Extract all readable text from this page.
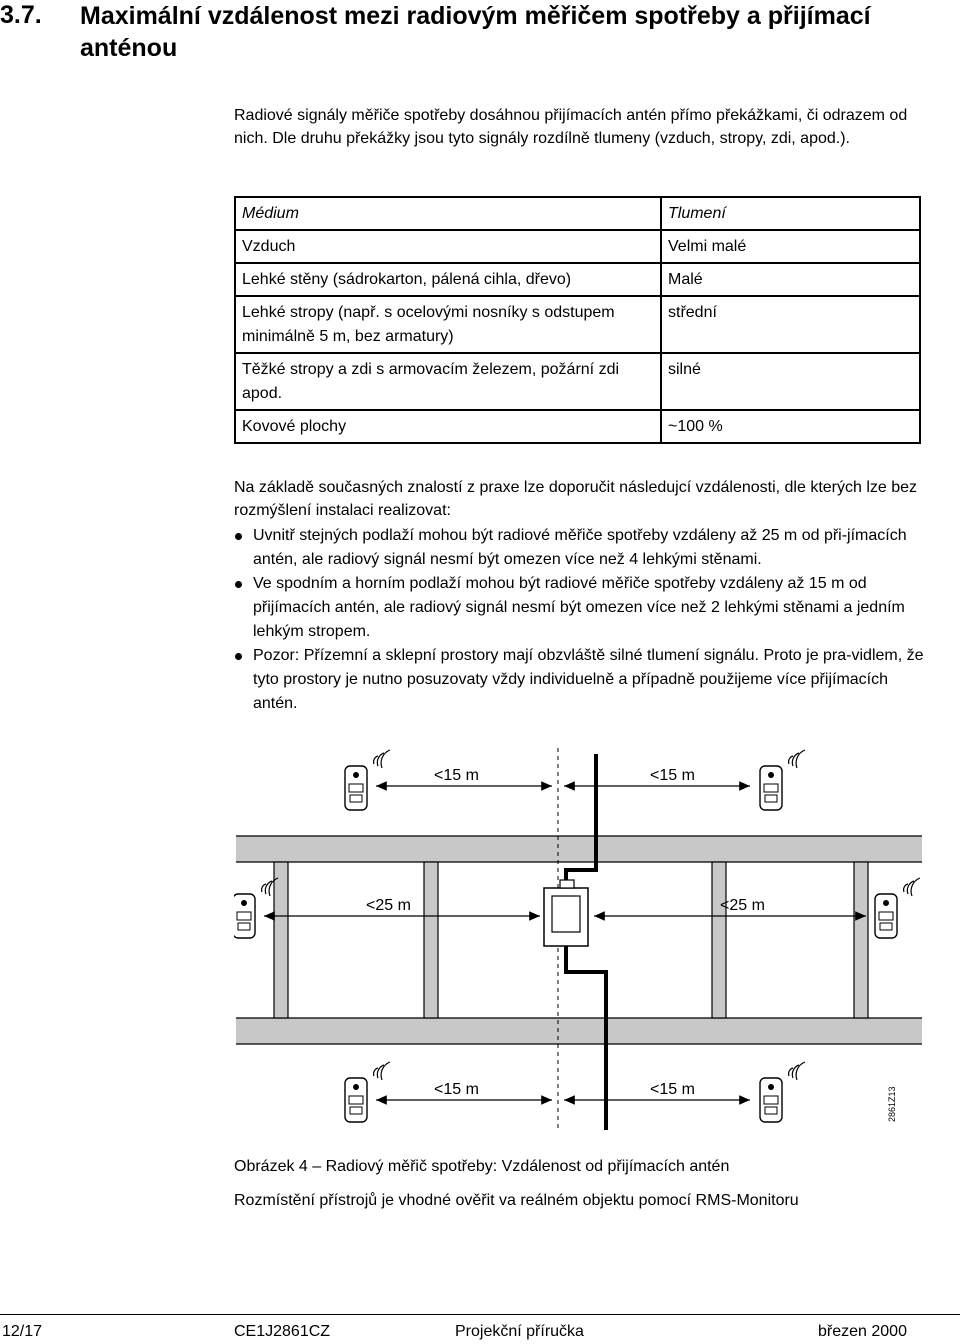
3.7. Maximální vzdálenost mezi radiovým měřičem spotřeby a přijímací anténou
Radiové signály měřiče spotřeby dosáhnou přijímacích antén přímo překážkami, či odrazem od nich. Dle druhu překážky jsou tyto signály rozdílně tlumeny (vzduch, stropy, zdi, apod.).
Médium	Tlumení
Vzduch	Velmi malé
Lehké stěny (sádrokarton, pálená cihla, dřevo)	Malé
Lehké stropy (např. s ocelovými nosníky s odstupem minimálně 5 m, bez armatury)	střední
Těžké stropy a zdi s armovacím železem, požární zdi apod.	silné
Kovové plochy	~100 %
Na základě současných znalostí z praxe lze doporučit následujcí vzdálenosti, dle kterých lze bez rozmýšlení instalaci realizovat:
Uvnitř stejných podlaží mohou být radiové měřiče spotřeby vzdáleny až 25 m od při-jímacích antén, ale radiový signál nesmí být omezen více než 4 lehkými stěnami.
Ve spodním a horním podlaží mohou být radiové měřiče spotřeby vzdáleny až 15 m od přijímacích antén, ale radiový signál nesmí být omezen více než 2 lehkými stěnami a jedním lehkým stropem.
Pozor: Přízemní a sklepní prostory mají obzvláště silné tlumení signálu. Proto je pra-vidlem, že tyto prostory je nutno posuzovaty vždy individuelně a případně použijeme více přijímacích antén.
<15 m	<15 m
<25 m	<25 m
<15 m	<15 m	2861Z13
Obrázek 4 – Radiový měřič spotřeby: Vzdálenost od přijímacích antén
Rozmístění přístrojů je vhodné ověřit va reálném objektu pomocí RMS-Monitoru
12/17	CE1J2861CZ	Projekční příručka	březen 2000
